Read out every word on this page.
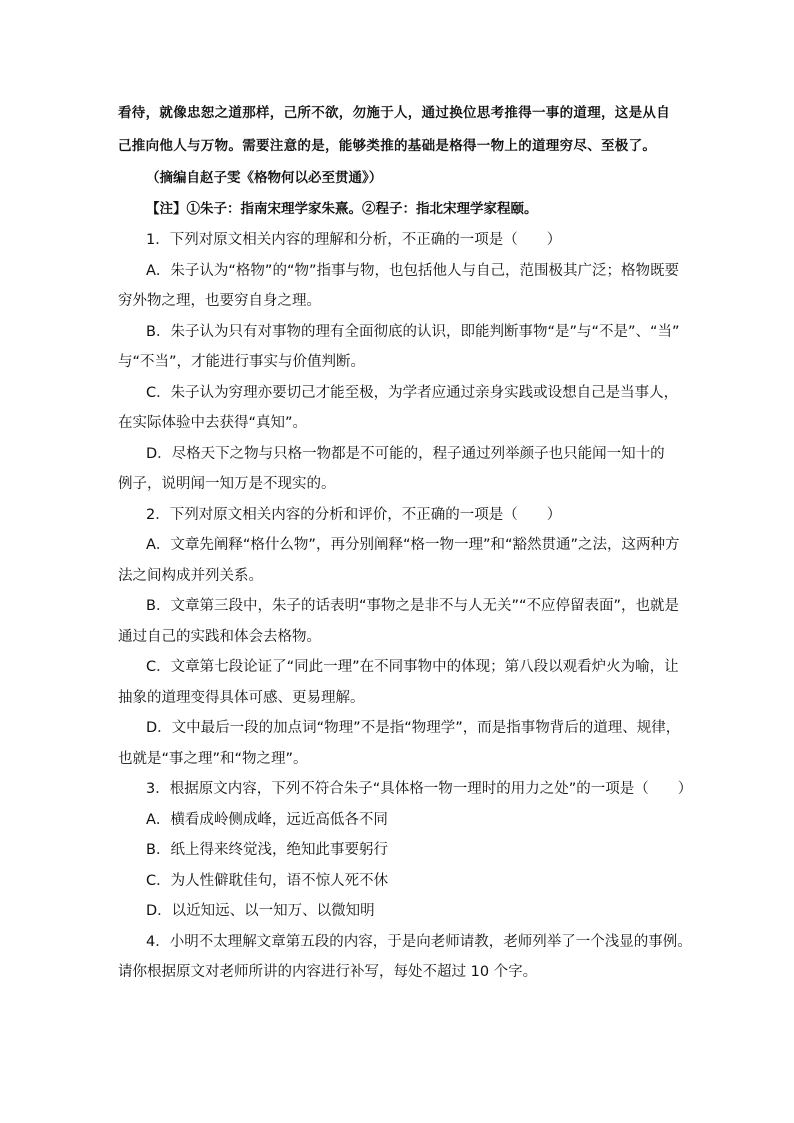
看待，就像忠恕之道那样，己所不欲，勿施于人，通过换位思考推得一事的道理，这是从自
己推向他人与万物。需要注意的是，能够类推的基础是格得一物上的道理穷尽、至极了。
（摘编自赵子雯《格物何以必至贯通》）
【注】①朱子：指南宋理学家朱熹。②程子：指北宋理学家程颐。
1．下列对原文相关内容的理解和分析，不正确的一项是（　　）
A．朱子认为“格物”的“物”指事与物，也包括他人与自己，范围极其广泛；格物既要
穷外物之理，也要穷自身之理。
B．朱子认为只有对事物的理有全面彻底的认识，即能判断事物“是”与“不是”、“当”
与“不当”，才能进行事实与价值判断。
C．朱子认为穷理亦要切己才能至极，为学者应通过亲身实践或设想自己是当事人，
在实际体验中去获得“真知”。
D．尽格天下之物与只格一物都是不可能的，程子通过列举颜子也只能闻一知十的
例子，说明闻一知万是不现实的。
2．下列对原文相关内容的分析和评价，不正确的一项是（　　）
A．文章先阐释“格什么物”，再分别阐释“格一物一理”和“豁然贯通”之法，这两种方
法之间构成并列关系。
B．文章第三段中，朱子的话表明“事物之是非不与人无关”“不应停留表面”，也就是
通过自己的实践和体会去格物。
C．文章第七段论证了“同此一理”在不同事物中的体现；第八段以观看炉火为喻，让
抽象的道理变得具体可感、更易理解。
D．文中最后一段的加点词“物理”不是指“物理学”，而是指事物背后的道理、规律，
也就是“事之理”和“物之理”。
3．根据原文内容，下列不符合朱子“具体格一物一理时的用力之处”的一项是（　　）
A．横看成岭侧成峰，远近高低各不同
B．纸上得来终觉浅，绝知此事要躬行
C．为人性僻耽佳句，语不惊人死不休
D．以近知远、以一知万、以微知明
4．小明不太理解文章第五段的内容，于是向老师请教，老师列举了一个浅显的事例。
请你根据原文对老师所讲的内容进行补写，每处不超过 10 个字。
